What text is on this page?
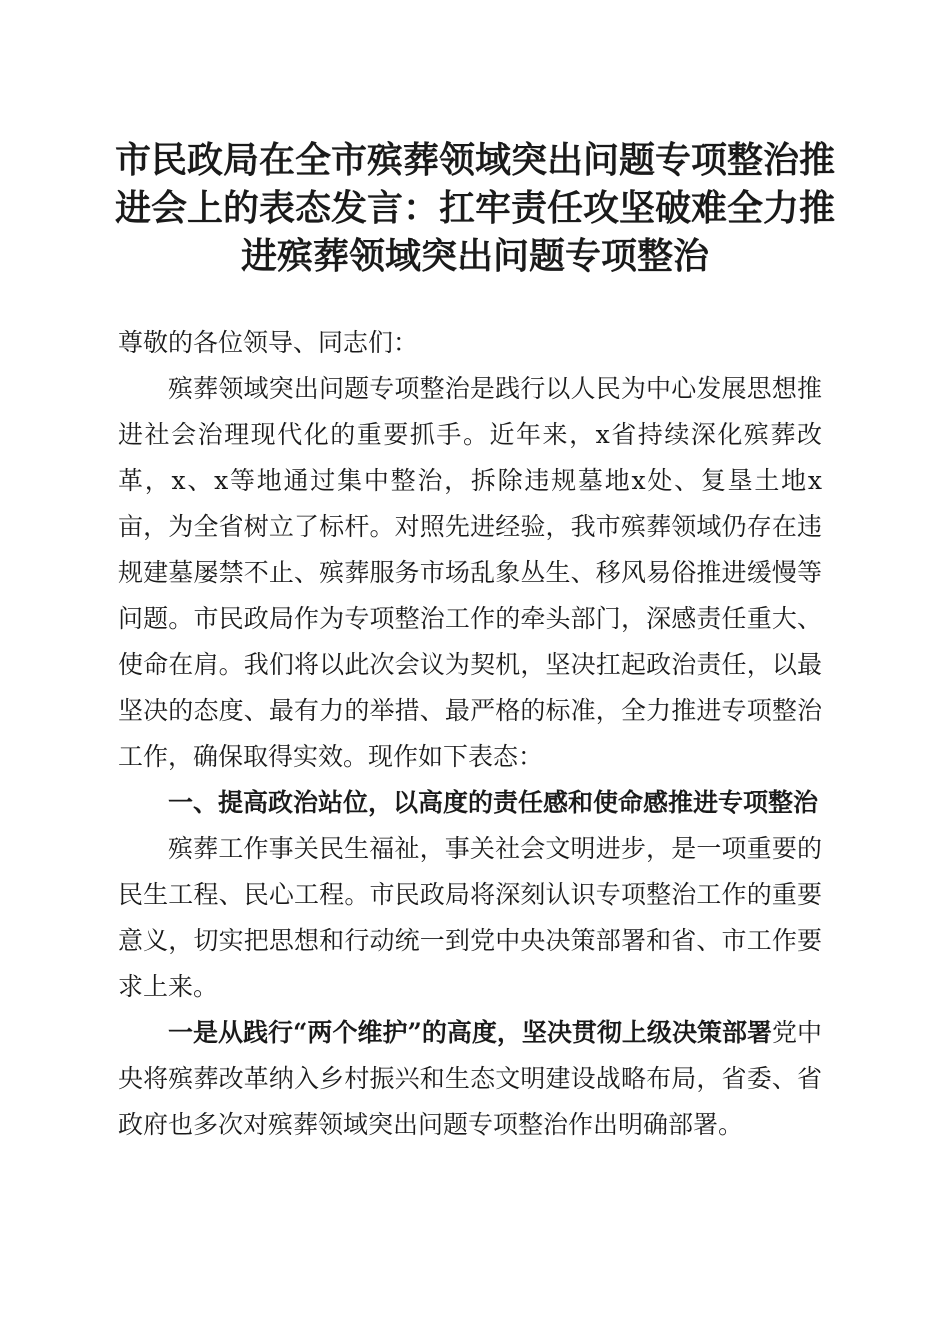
市民政局在全市殡葬领域突出问题专项整治推进会上的表态发言：扛牢责任攻坚破难全力推进殡葬领域突出问题专项整治

尊敬的各位领导、同志们：

殡葬领域突出问题专项整治是践行以人民为中心发展思想推进社会治理现代化的重要抓手。近年来，x省持续深化殡葬改革，x、x等地通过集中整治，拆除违规墓地x处、复垦土地x亩，为全省树立了标杆。对照先进经验，我市殡葬领域仍存在违规建墓屡禁不止、殡葬服务市场乱象丛生、移风易俗推进缓慢等问题。市民政局作为专项整治工作的牵头部门，深感责任重大、使命在肩。我们将以此次会议为契机，坚决扛起政治责任，以最坚决的态度、最有力的举措、最严格的标准，全力推进专项整治工作，确保取得实效。现作如下表态：

一、提高政治站位，以高度的责任感和使命感推进专项整治

殡葬工作事关民生福祉，事关社会文明进步，是一项重要的民生工程、民心工程。市民政局将深刻认识专项整治工作的重要意义，切实把思想和行动统一到党中央决策部署和省、市工作要求上来。

一是从践行“两个维护”的高度，坚决贯彻上级决策部署党中央将殡葬改革纳入乡村振兴和生态文明建设战略布局，省委、省政府也多次对殡葬领域突出问题专项整治作出明确部署。
